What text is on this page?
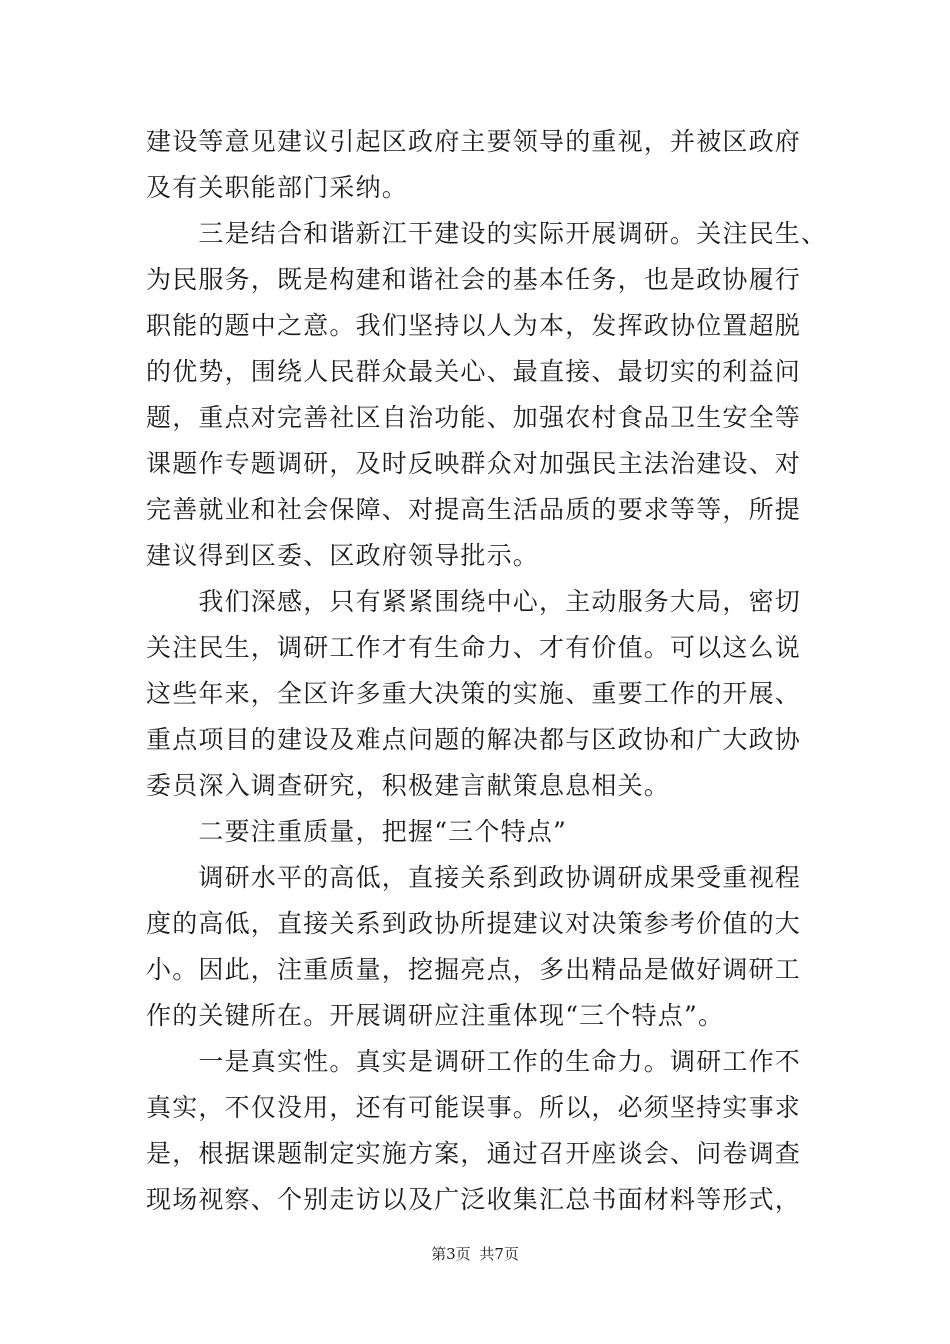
建设等意见建议引起区政府主要领导的重视，并被区政府
及有关职能部门采纳。
　　三是结合和谐新江干建设的实际开展调研。关注民生、
为民服务，既是构建和谐社会的基本任务，也是政协履行
职能的题中之意。我们坚持以人为本，发挥政协位置超脱
的优势，围绕人民群众最关心、最直接、最切实的利益问
题，重点对完善社区自治功能、加强农村食品卫生安全等
课题作专题调研，及时反映群众对加强民主法治建设、对
完善就业和社会保障、对提高生活品质的要求等等，所提
建议得到区委、区政府领导批示。
　　我们深感，只有紧紧围绕中心，主动服务大局，密切
关注民生，调研工作才有生命力、才有价值。可以这么说
这些年来，全区许多重大决策的实施、重要工作的开展、
重点项目的建设及难点问题的解决都与区政协和广大政协
委员深入调查研究，积极建言献策息息相关。
　　二要注重质量，把握“三个特点”
　　调研水平的高低，直接关系到政协调研成果受重视程
度的高低，直接关系到政协所提建议对决策参考价值的大
小。因此，注重质量，挖掘亮点，多出精品是做好调研工
作的关键所在。开展调研应注重体现“三个特点”。
　　一是真实性。真实是调研工作的生命力。调研工作不
真实，不仅没用，还有可能误事。所以，必须坚持实事求
是，根据课题制定实施方案，通过召开座谈会、问卷调查
现场视察、个别走访以及广泛收集汇总书面材料等形式，
第3页 共7页
